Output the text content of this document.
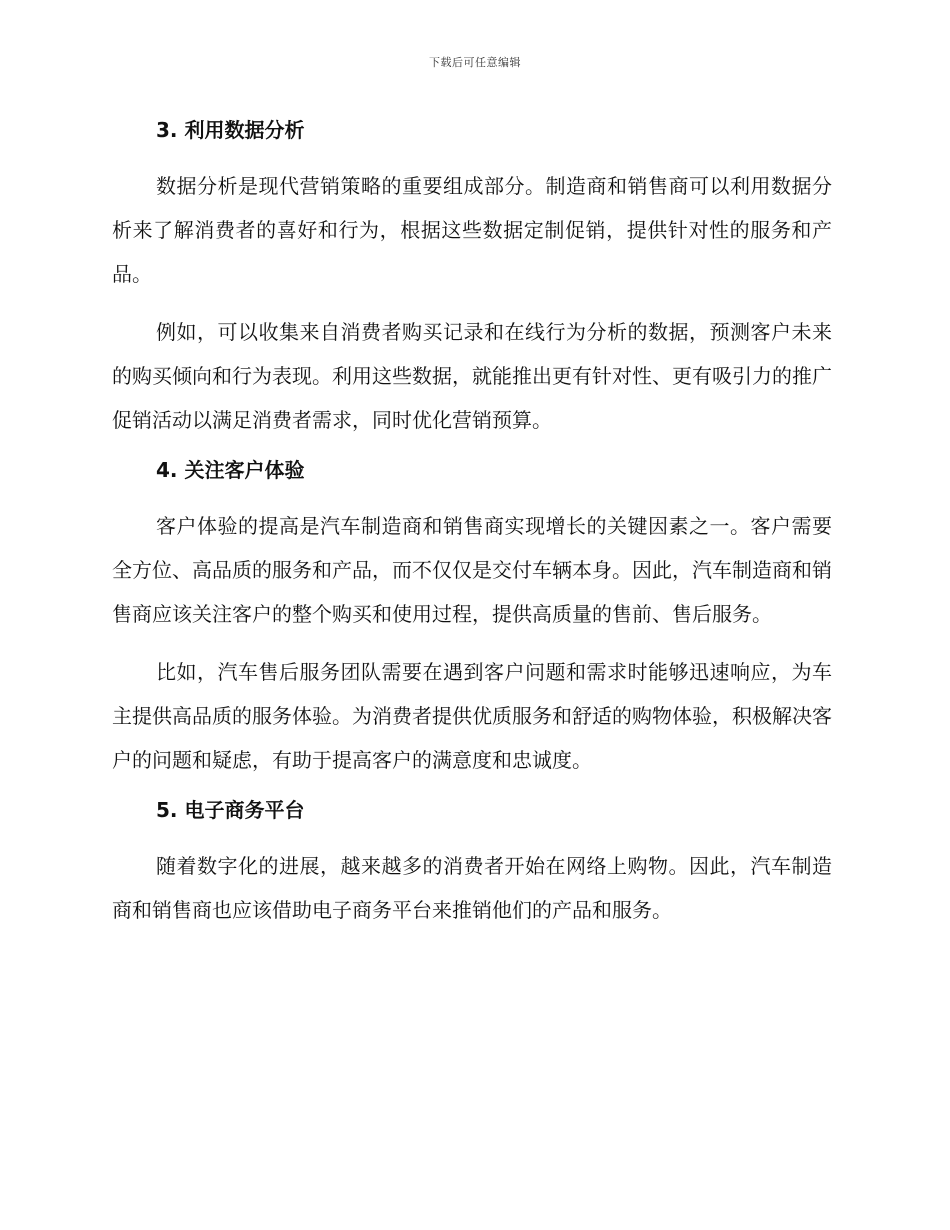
下载后可任意编辑
3. 利用数据分析

数据分析是现代营销策略的重要组成部分。制造商和销售商可以利用数据分析来了解消费者的喜好和行为，根据这些数据定制促销，提供针对性的服务和产品。

例如，可以收集来自消费者购买记录和在线行为分析的数据，预测客户未来的购买倾向和行为表现。利用这些数据，就能推出更有针对性、更有吸引力的推广促销活动以满足消费者需求，同时优化营销预算。

4. 关注客户体验

客户体验的提高是汽车制造商和销售商实现增长的关键因素之一。客户需要全方位、高品质的服务和产品，而不仅仅是交付车辆本身。因此，汽车制造商和销售商应该关注客户的整个购买和使用过程，提供高质量的售前、售后服务。

比如，汽车售后服务团队需要在遇到客户问题和需求时能够迅速响应，为车主提供高品质的服务体验。为消费者提供优质服务和舒适的购物体验，积极解决客户的问题和疑虑，有助于提高客户的满意度和忠诚度。

5. 电子商务平台

随着数字化的进展，越来越多的消费者开始在网络上购物。因此，汽车制造商和销售商也应该借助电子商务平台来推销他们的产品和服务。
